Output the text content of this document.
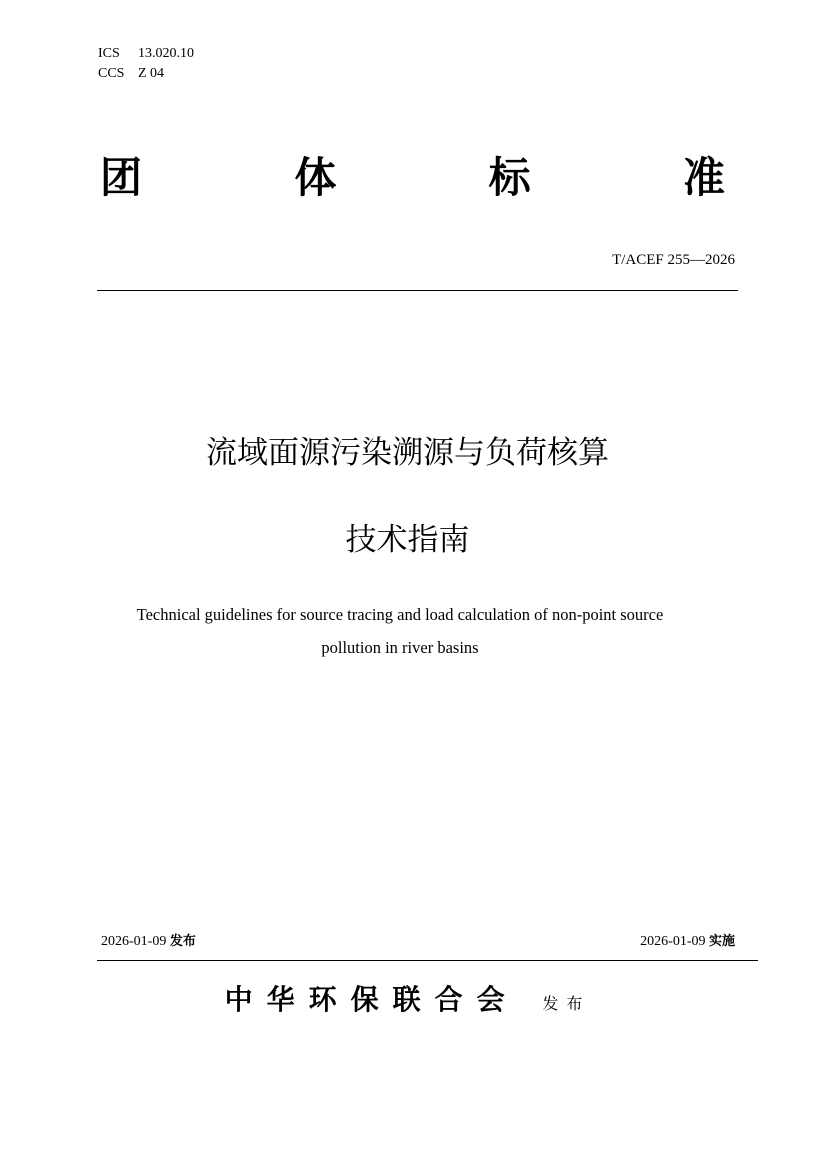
ICS 13.020.10
CCS Z 04
团	体	标	准
T/ACEF 255—2026
流域面源污染溯源与负荷核算
技术指南
Technical guidelines for source tracing and load calculation of non-point source
pollution in river basins
2026-01-09 发布	2026-01-09 实施
中华环保联合会 发布
